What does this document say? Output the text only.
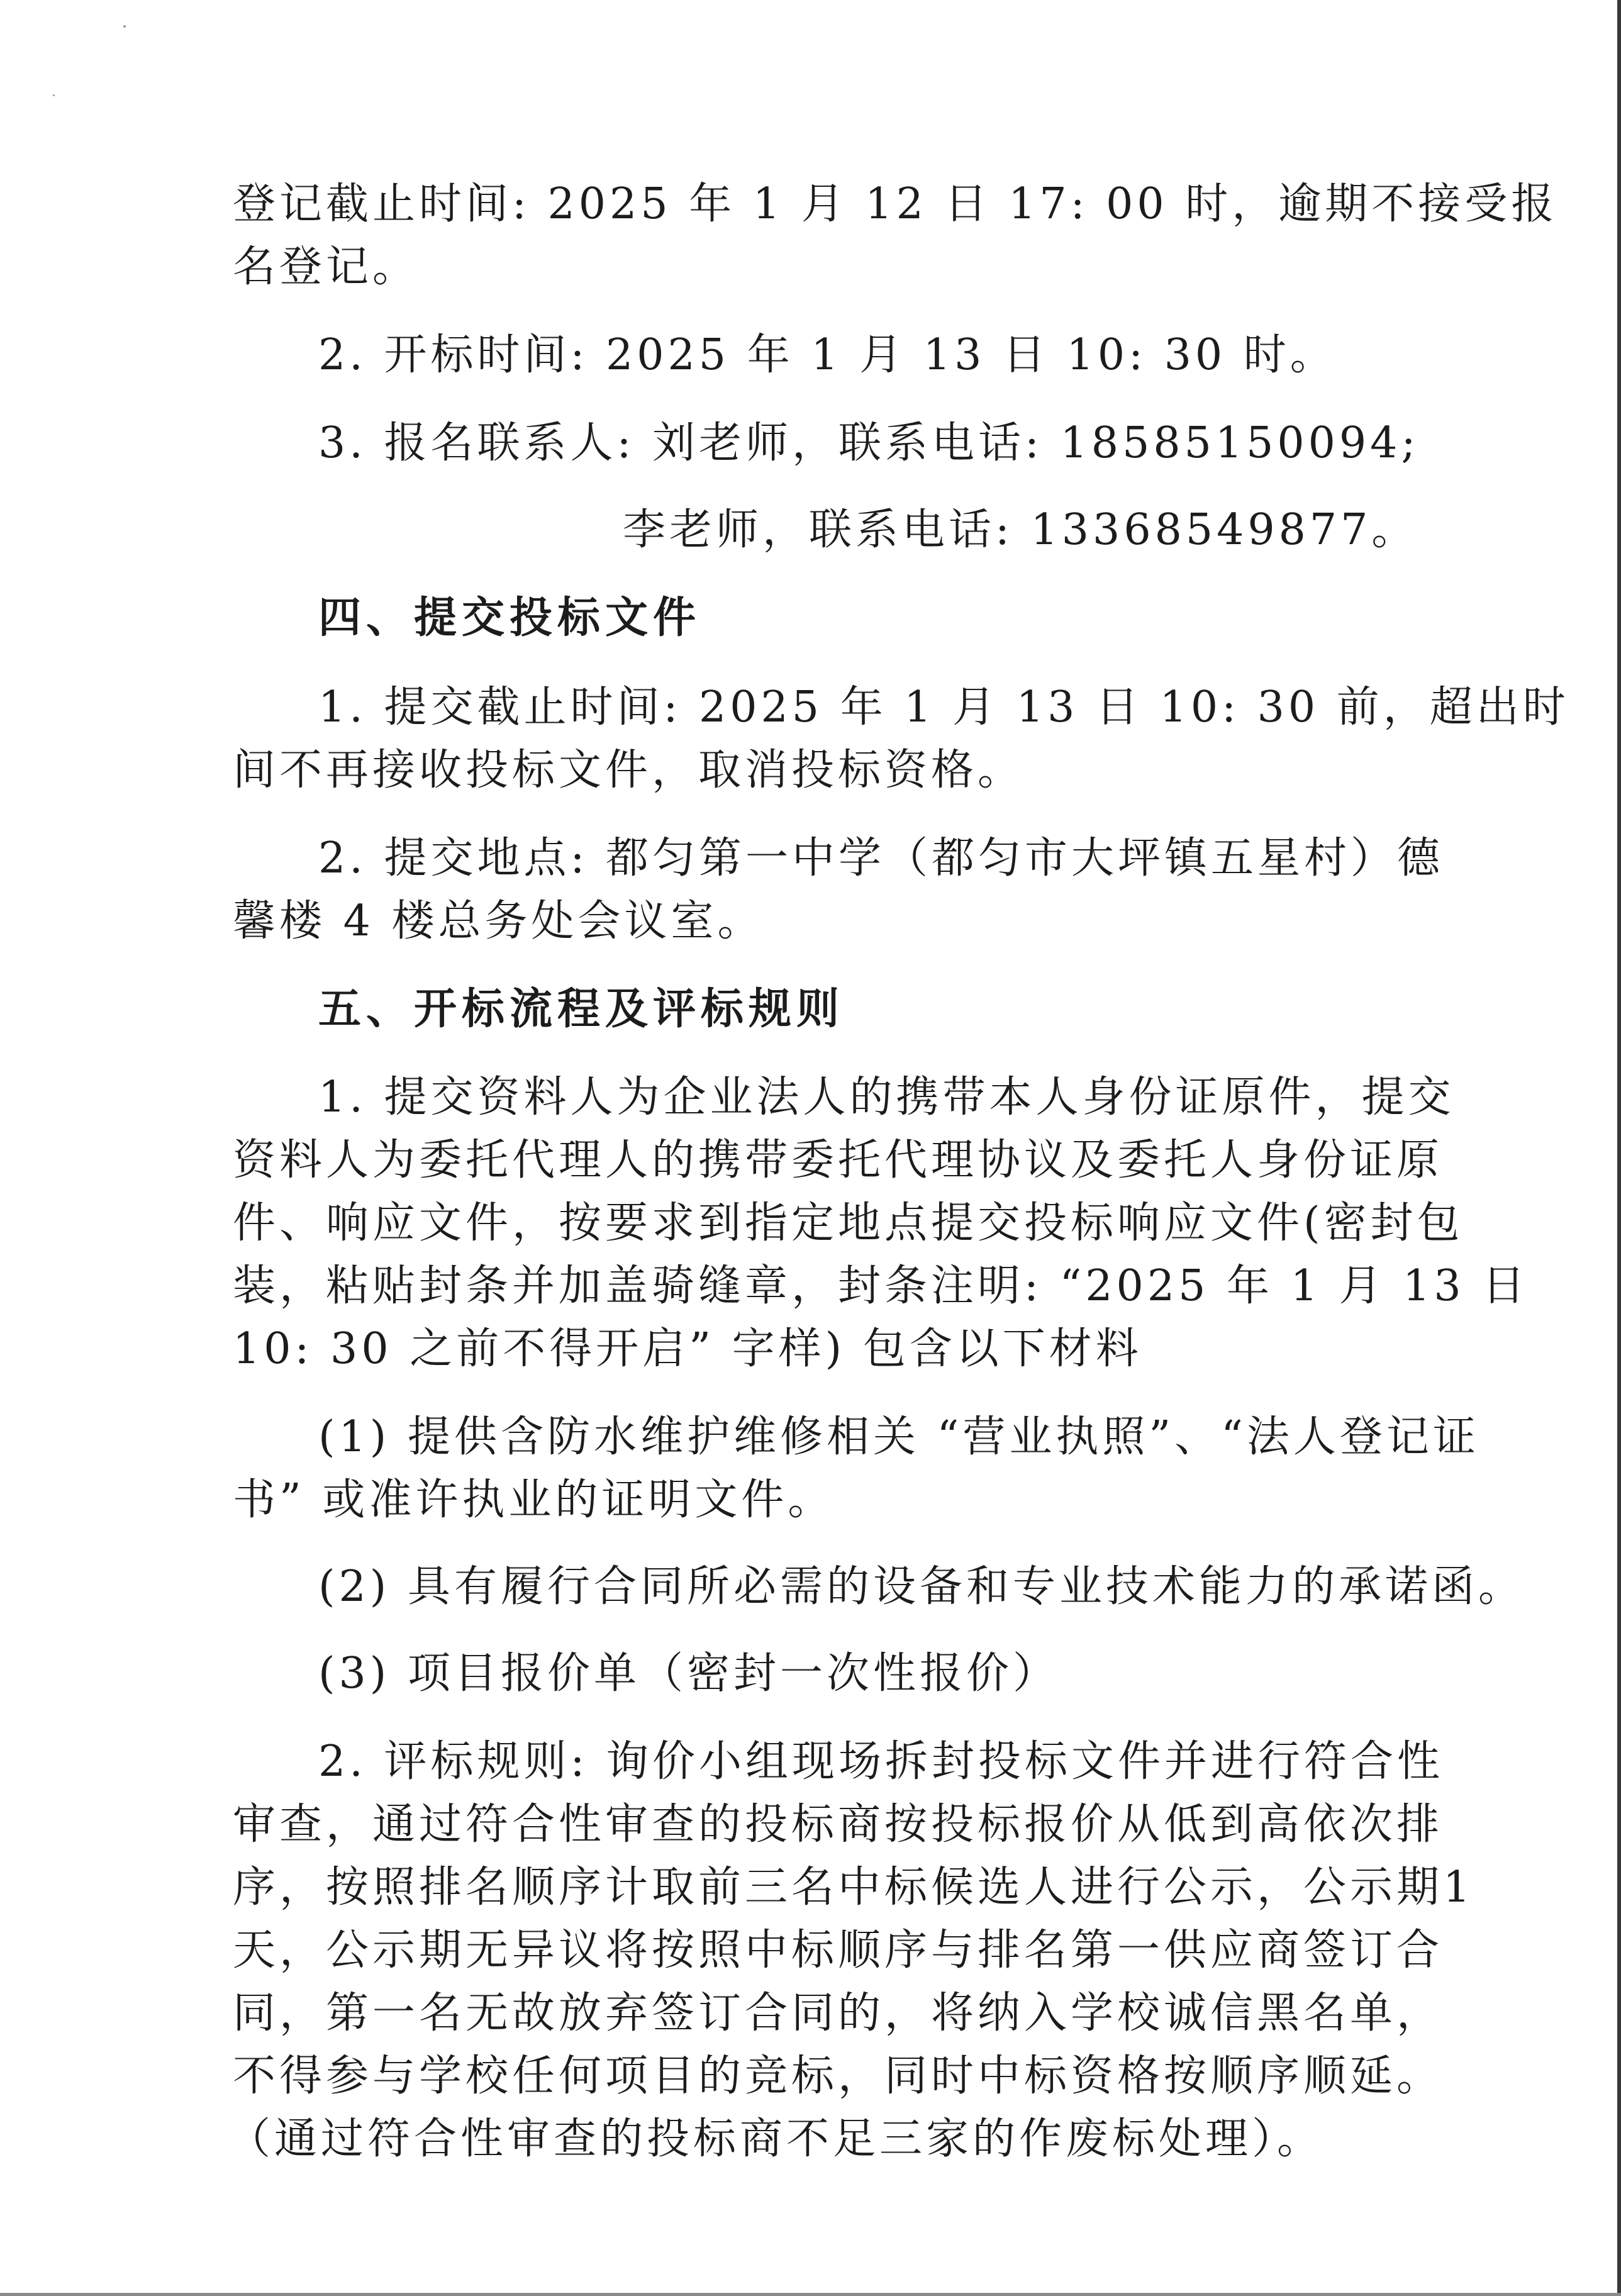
登记截止时间: 2025 年 1 月 12 日 17: 00 时，逾期不接受报
名登记。
2. 开标时间: 2025 年 1 月 13 日 10: 30 时。
3. 报名联系人: 刘老师，联系电话: 18585150094;
李老师，联系电话: 13368549877。
四、提交投标文件
1. 提交截止时间: 2025 年 1 月 13 日 10: 30 前，超出时
间不再接收投标文件，取消投标资格。
2. 提交地点: 都匀第一中学（都匀市大坪镇五星村）德
馨楼 4 楼总务处会议室。
五、开标流程及评标规则
1. 提交资料人为企业法人的携带本人身份证原件，提交
资料人为委托代理人的携带委托代理协议及委托人身份证原
件、响应文件，按要求到指定地点提交投标响应文件(密封包
装，粘贴封条并加盖骑缝章，封条注明: “2025 年 1 月 13 日
10: 30 之前不得开启” 字样) 包含以下材料
(1) 提供含防水维护维修相关 “营业执照”、“法人登记证
书” 或准许执业的证明文件。
(2) 具有履行合同所必需的设备和专业技术能力的承诺函。
(3) 项目报价单（密封一次性报价）
2. 评标规则: 询价小组现场拆封投标文件并进行符合性
审查，通过符合性审查的投标商按投标报价从低到高依次排
序，按照排名顺序计取前三名中标候选人进行公示，公示期1
天，公示期无异议将按照中标顺序与排名第一供应商签订合
同，第一名无故放弃签订合同的，将纳入学校诚信黑名单，
不得参与学校任何项目的竞标，同时中标资格按顺序顺延。
（通过符合性审查的投标商不足三家的作废标处理）。
